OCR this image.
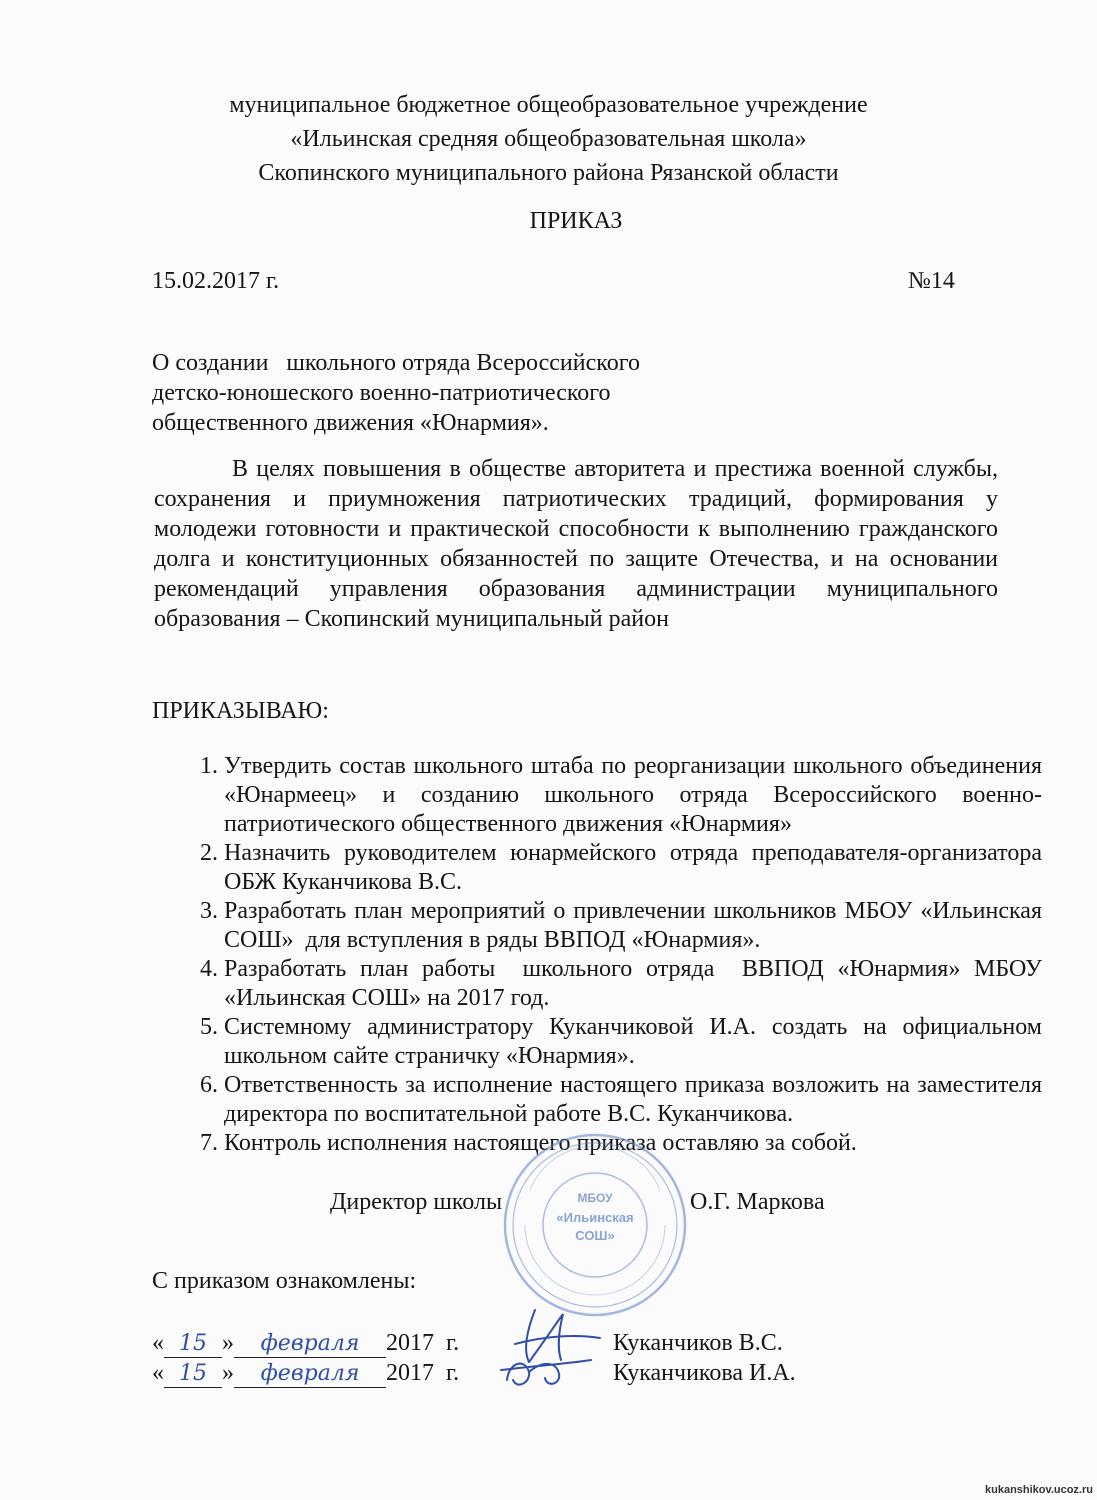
муниципальное бюджетное общеобразовательное учреждение
«Ильинская средняя общеобразовательная школа»
Скопинского муниципального района Рязанской области
ПРИКАЗ
15.02.2017 г.	№14
О создании   школьного отряда Всероссийского
детско-юношеского военно-патриотического
общественного движения «Юнармия».
В целях повышения в обществе авторитета и престижа военной службы, сохранения и приумножения патриотических традиций, формирования у молодежи готовности и практической способности к выполнению гражданского долга и конституционных обязанностей по защите Отечества, и на основании рекомендаций управления образования администрации муниципального образования – Скопинский муниципальный район
ПРИКАЗЫВАЮ:
1. Утвердить состав школьного штаба по реорганизации школьного объединения «Юнармеец» и созданию школьного отряда Всероссийского военно-патриотического общественного движения «Юнармия»
2. Назначить руководителем юнармейского отряда преподавателя-организатора ОБЖ Куканчикова В.С.
3. Разработать план мероприятий о привлечении школьников МБОУ «Ильинская СОШ»  для вступления в ряды ВВПОД «Юнармия».
4. Разработать план работы  школьного отряда  ВВПОД «Юнармия» МБОУ «Ильинская СОШ» на 2017 год.
5. Системному администратору Куканчиковой И.А. создать на официальном школьном сайте страничку «Юнармия».
6. Ответственность за исполнение настоящего приказа возложить на заместителя директора по воспитательной работе В.С. Куканчикова.
7. Контроль исполнения настоящего приказа оставляю за собой.
МБОУ
«Ильинская
СОШ»
Директор школы	О.Г. Маркова
С приказом ознакомлены:
« 15 » февраля 2017  г.	Куканчиков В.С.
« 15 » февраля 2017  г.	Куканчикова И.А.
kukanshikov.ucoz.ru
